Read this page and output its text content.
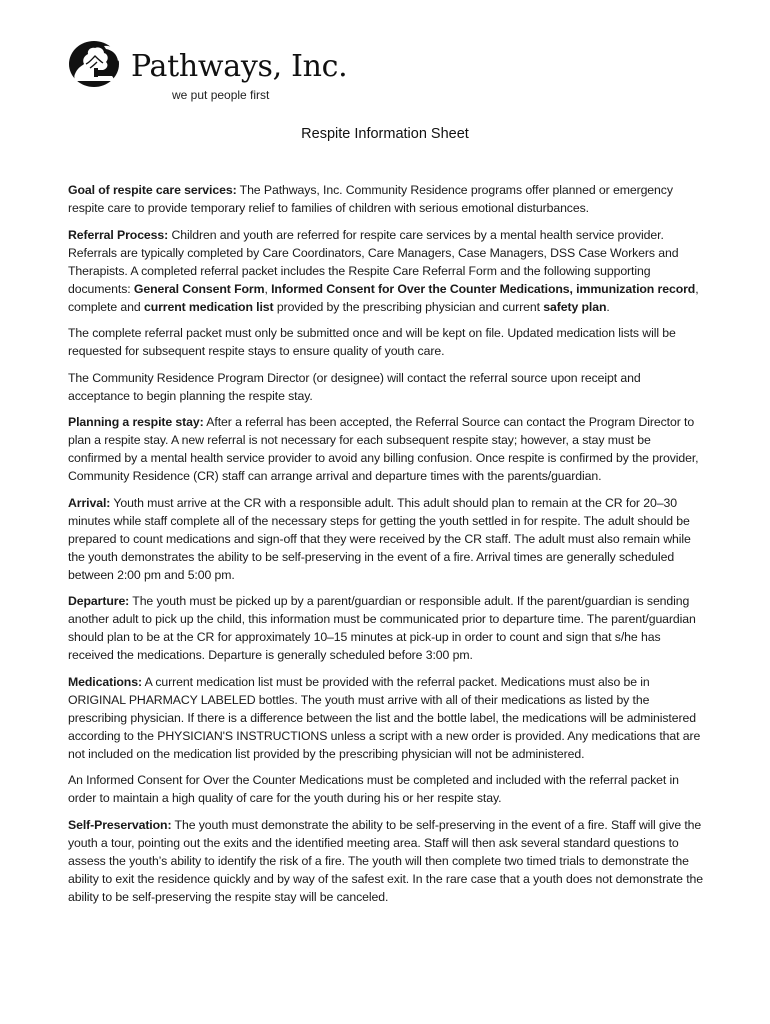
Pathways, Inc.
we put people first
Respite Information Sheet

Goal of respite care services: The Pathways, Inc. Community Residence programs offer planned or emergency respite care to provide temporary relief to families of children with serious emotional disturbances.

Referral Process: Children and youth are referred for respite care services by a mental health service provider. Referrals are typically completed by Care Coordinators, Care Managers, Case Managers, DSS Case Workers and Therapists. A completed referral packet includes the Respite Care Referral Form and the following supporting documents: General Consent Form, Informed Consent for Over the Counter Medications, immunization record, complete and current medication list provided by the prescribing physician and current safety plan.

The complete referral packet must only be submitted once and will be kept on file. Updated medication lists will be requested for subsequent respite stays to ensure quality of youth care.

The Community Residence Program Director (or designee) will contact the referral source upon receipt and acceptance to begin planning the respite stay.

Planning a respite stay: After a referral has been accepted, the Referral Source can contact the Program Director to plan a respite stay. A new referral is not necessary for each subsequent respite stay; however, a stay must be confirmed by a mental health service provider to avoid any billing confusion. Once respite is confirmed by the provider, Community Residence (CR) staff can arrange arrival and departure times with the parents/guardian.

Arrival: Youth must arrive at the CR with a responsible adult. This adult should plan to remain at the CR for 20–30 minutes while staff complete all of the necessary steps for getting the youth settled in for respite. The adult should be prepared to count medications and sign-off that they were received by the CR staff. The adult must also remain while the youth demonstrates the ability to be self-preserving in the event of a fire. Arrival times are generally scheduled between 2:00 pm and 5:00 pm.

Departure: The youth must be picked up by a parent/guardian or responsible adult. If the parent/guardian is sending another adult to pick up the child, this information must be communicated prior to departure time. The parent/guardian should plan to be at the CR for approximately 10–15 minutes at pick-up in order to count and sign that s/he has received the medications. Departure is generally scheduled before 3:00 pm.

Medications: A current medication list must be provided with the referral packet. Medications must also be in ORIGINAL PHARMACY LABELED bottles. The youth must arrive with all of their medications as listed by the prescribing physician. If there is a difference between the list and the bottle label, the medications will be administered according to the PHYSICIAN'S INSTRUCTIONS unless a script with a new order is provided. Any medications that are not included on the medication list provided by the prescribing physician will not be administered.

An Informed Consent for Over the Counter Medications must be completed and included with the referral packet in order to maintain a high quality of care for the youth during his or her respite stay.

Self-Preservation: The youth must demonstrate the ability to be self-preserving in the event of a fire. Staff will give the youth a tour, pointing out the exits and the identified meeting area. Staff will then ask several standard questions to assess the youth’s ability to identify the risk of a fire. The youth will then complete two timed trials to demonstrate the ability to exit the residence quickly and by way of the safest exit. In the rare case that a youth does not demonstrate the ability to be self-preserving the respite stay will be canceled.
